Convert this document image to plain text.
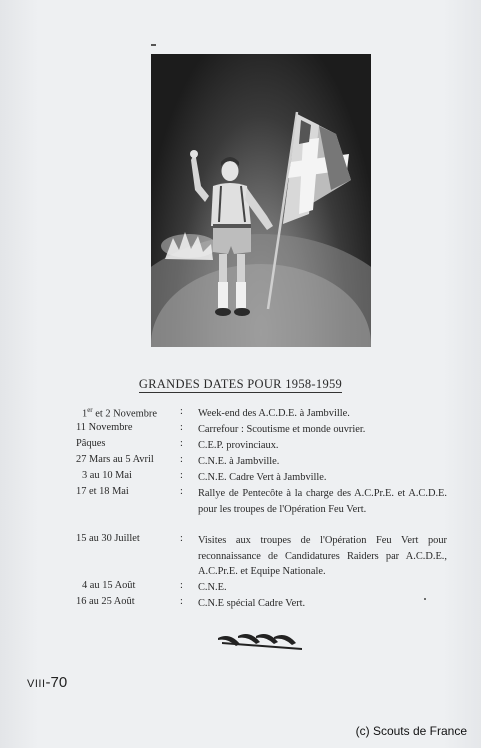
GRANDES DATES POUR 1958-1959
1er et 2 Novembre : Week-end des A.C.D.E. à Jambville.
11 Novembre	: Carrefour : Scoutisme et monde ouvrier.
Pâques	: C.E.P. provinciaux.
27 Mars au 5 Avril	: C.N.E. à Jambville.
3 au 10 Mai	: C.N.E. Cadre Vert à Jambville.
17 et 18 Mai	: Rallye de Pentecôte à la charge des A.C.Pr.E. et A.C.D.E. pour les troupes de l'Opération Feu Vert.
15 au 30 Juillet	: Visites aux troupes de l'Opération Feu Vert pour reconnaissance de Candidatures Raiders par A.C.D.E., A.C.Pr.E. et Equipe Nationale.
4 au 15 Août	: C.N.E.
16 au 25 Août	: C.N.E spécial Cadre Vert.
VIII-70
(c) Scouts de France
